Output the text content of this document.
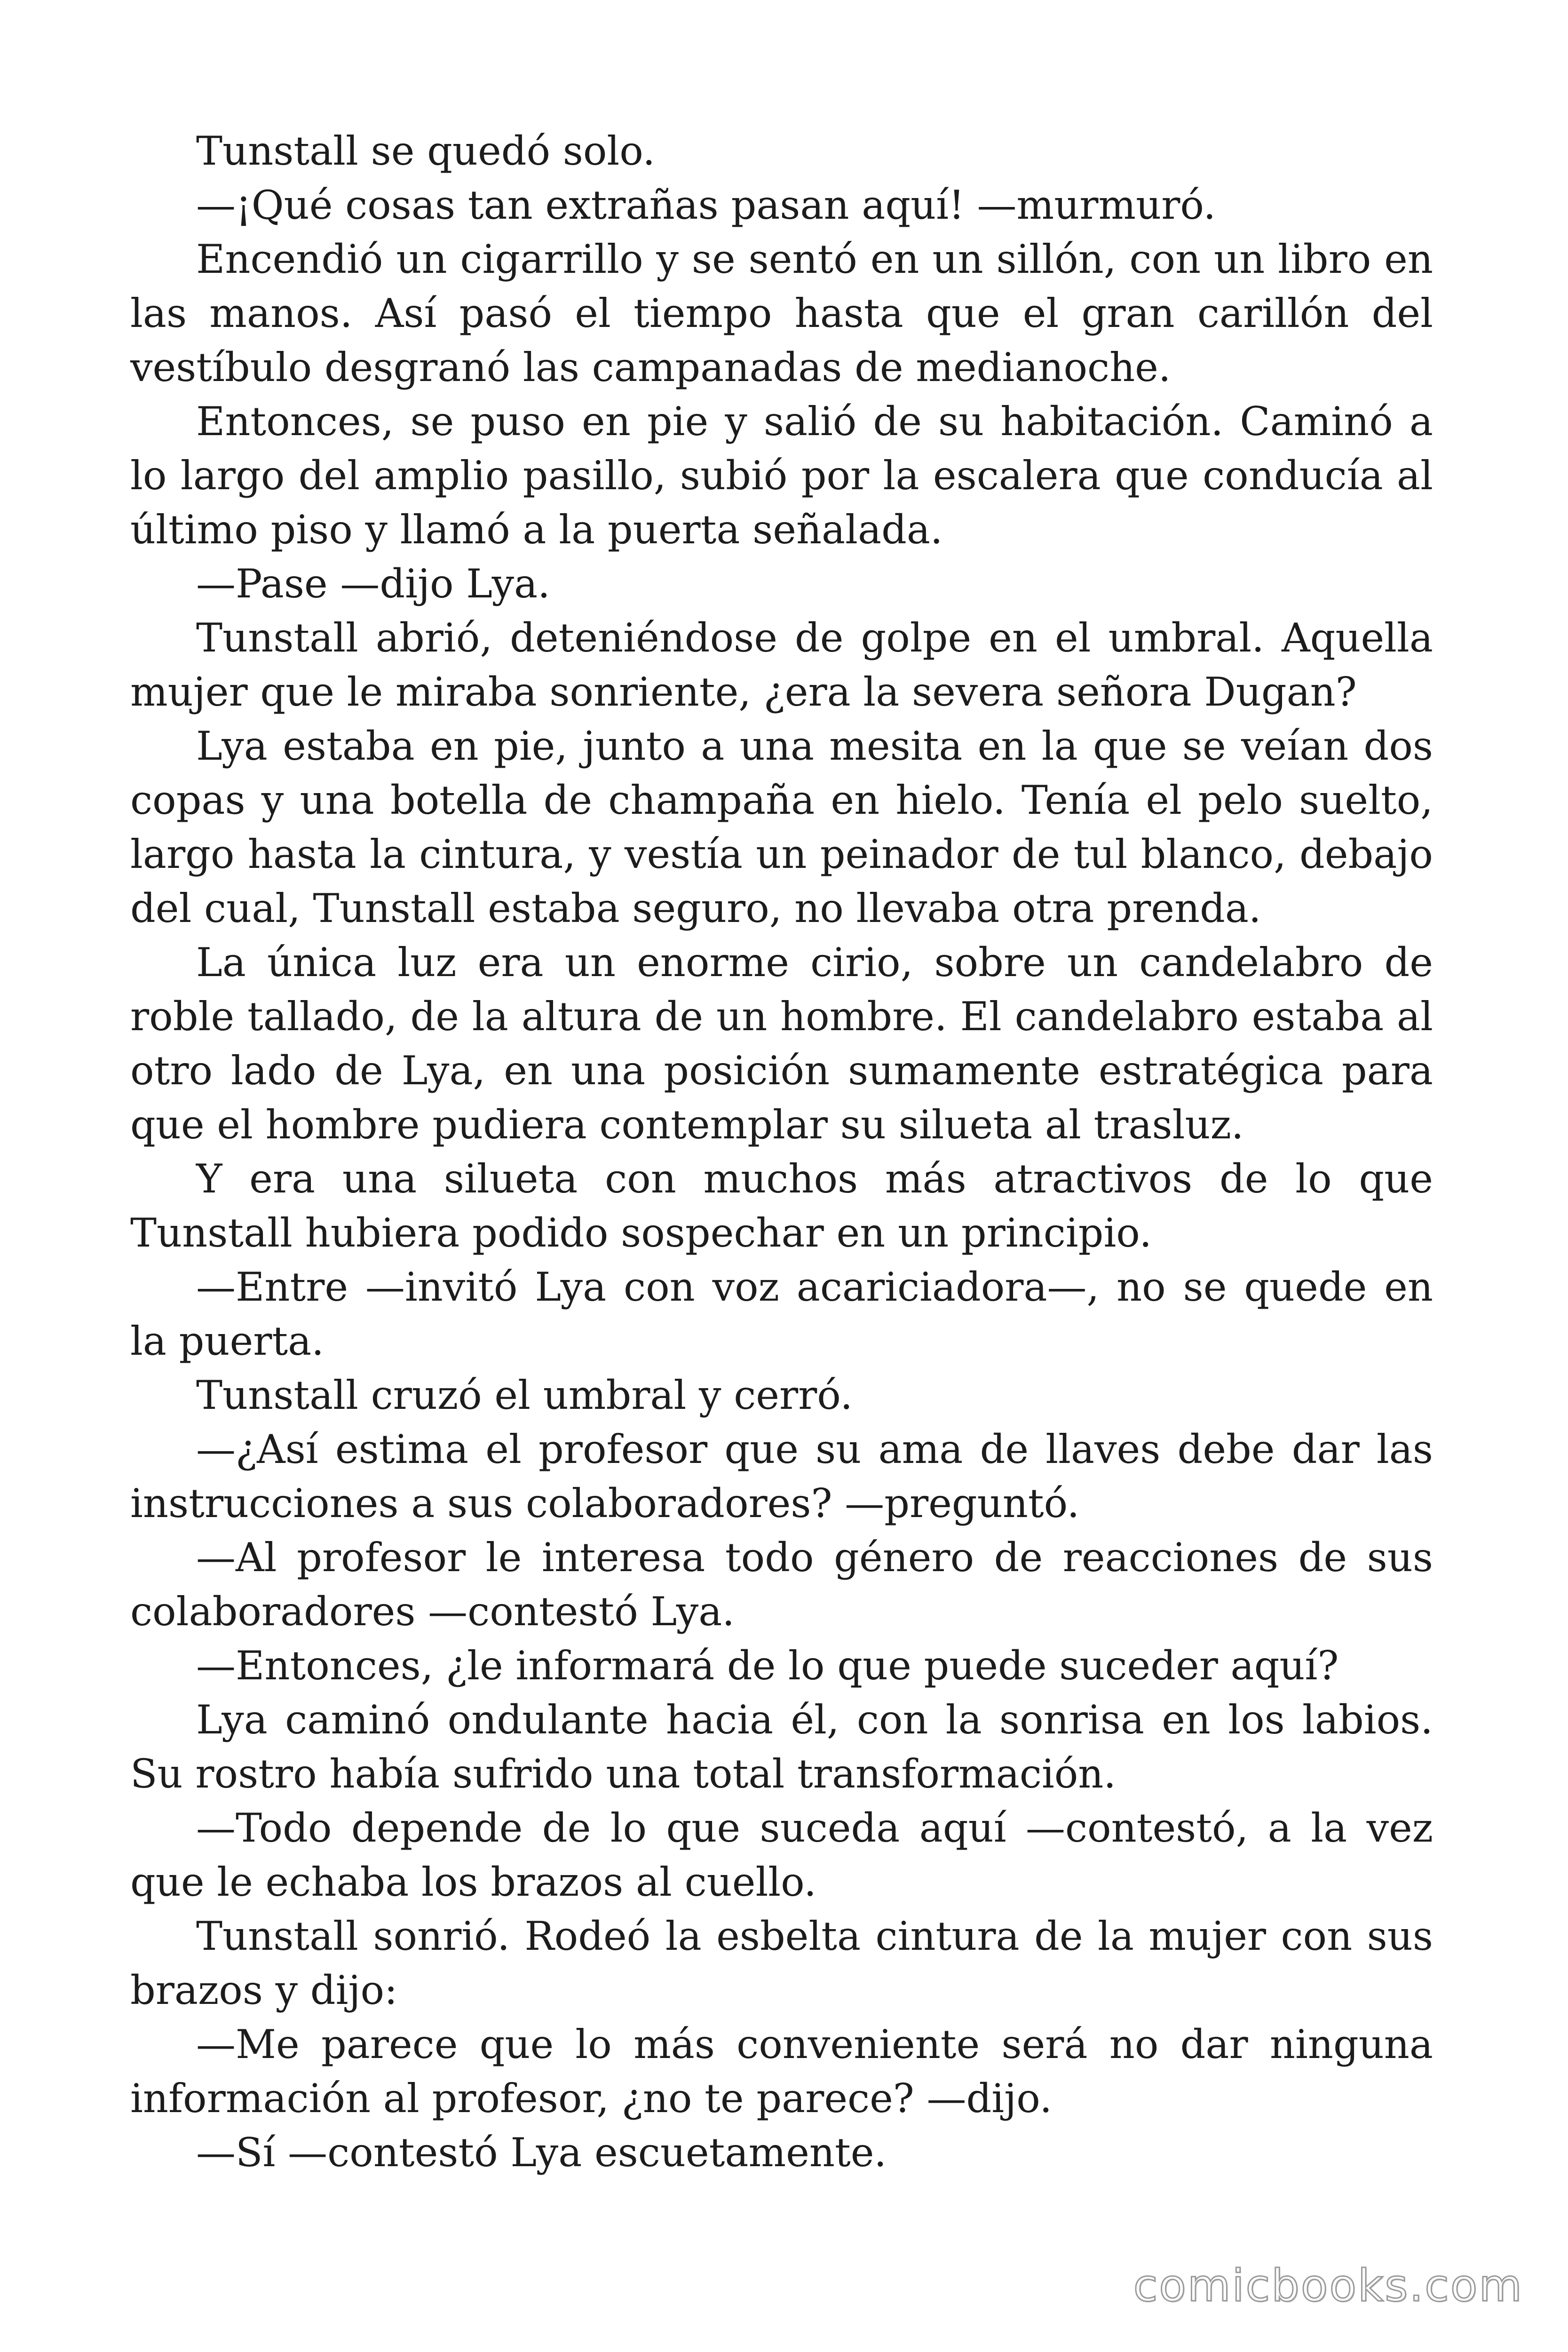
Tunstall se quedó solo.

—¡Qué cosas tan extrañas pasan aquí! —murmuró.

Encendió un cigarrillo y se sentó en un sillón, con un libro en las manos. Así pasó el tiempo hasta que el gran carillón del vestíbulo desgranó las campanadas de medianoche.

Entonces, se puso en pie y salió de su habitación. Caminó a lo largo del amplio pasillo, subió por la escalera que conducía al último piso y llamó a la puerta señalada.

—Pase —dijo Lya.

Tunstall abrió, deteniéndose de golpe en el umbral. Aquella mujer que le miraba sonriente, ¿era la severa señora Dugan?

Lya estaba en pie, junto a una mesita en la que se veían dos copas y una botella de champaña en hielo. Tenía el pelo suelto, largo hasta la cintura, y vestía un peinador de tul blanco, debajo del cual, Tunstall estaba seguro, no llevaba otra prenda.

La única luz era un enorme cirio, sobre un candelabro de roble tallado, de la altura de un hombre. El candelabro estaba al otro lado de Lya, en una posición sumamente estratégica para que el hombre pudiera contemplar su silueta al trasluz.

Y era una silueta con muchos más atractivos de lo que Tunstall hubiera podido sospechar en un principio.

—Entre —invitó Lya con voz acariciadora—, no se quede en la puerta.

Tunstall cruzó el umbral y cerró.

—¿Así estima el profesor que su ama de llaves debe dar las instrucciones a sus colaboradores? —preguntó.

—Al profesor le interesa todo género de reacciones de sus colaboradores —contestó Lya.

—Entonces, ¿le informará de lo que puede suceder aquí?

Lya caminó ondulante hacia él, con la sonrisa en los labios. Su rostro había sufrido una total transformación.

—Todo depende de lo que suceda aquí —contestó, a la vez que le echaba los brazos al cuello.

Tunstall sonrió. Rodeó la esbelta cintura de la mujer con sus brazos y dijo:

—Me parece que lo más conveniente será no dar ninguna información al profesor, ¿no te parece? —dijo.

—Sí —contestó Lya escuetamente.

comicbooks.com
